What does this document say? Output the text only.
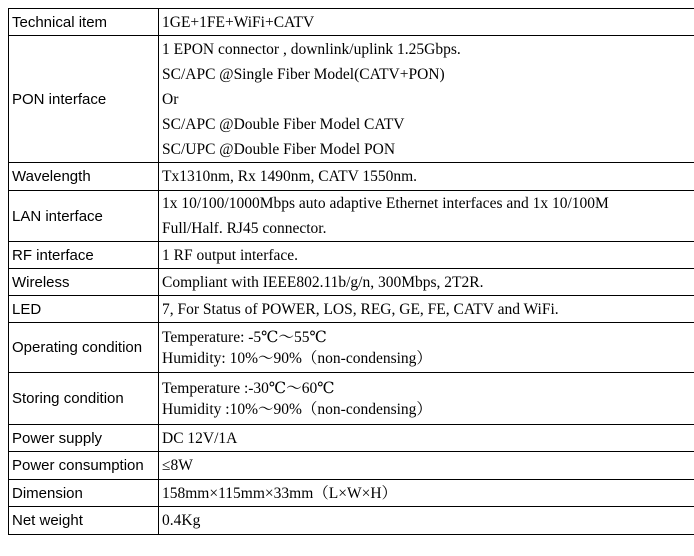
Technical item	1GE+1FE+WiFi+CATV

PON interface	1 EPON connector , downlink/uplink 1.25Gbps.
SC/APC @Single Fiber Model(CATV+PON)
Or
SC/APC @Double Fiber Model CATV
SC/UPC @Double Fiber Model PON

Wavelength	Tx1310nm, Rx 1490nm, CATV 1550nm.

LAN interface	1x 10/100/1000Mbps auto adaptive Ethernet interfaces and 1x 10/100M
Full/Half. RJ45 connector.

RF interface	1 RF output interface.

Wireless	Compliant with IEEE802.11b/g/n, 300Mbps, 2T2R.

LED	7, For Status of POWER, LOS, REG, GE, FE, CATV and WiFi.

Operating condition	Temperature: -5℃～55℃
Humidity: 10%～90%（non-condensing）

Storing condition	Temperature :-30℃～60℃
Humidity :10%～90%（non-condensing）

Power supply	DC 12V/1A

Power consumption	≤8W

Dimension	158mm×115mm×33mm（L×W×H）

Net weight	0.4Kg
